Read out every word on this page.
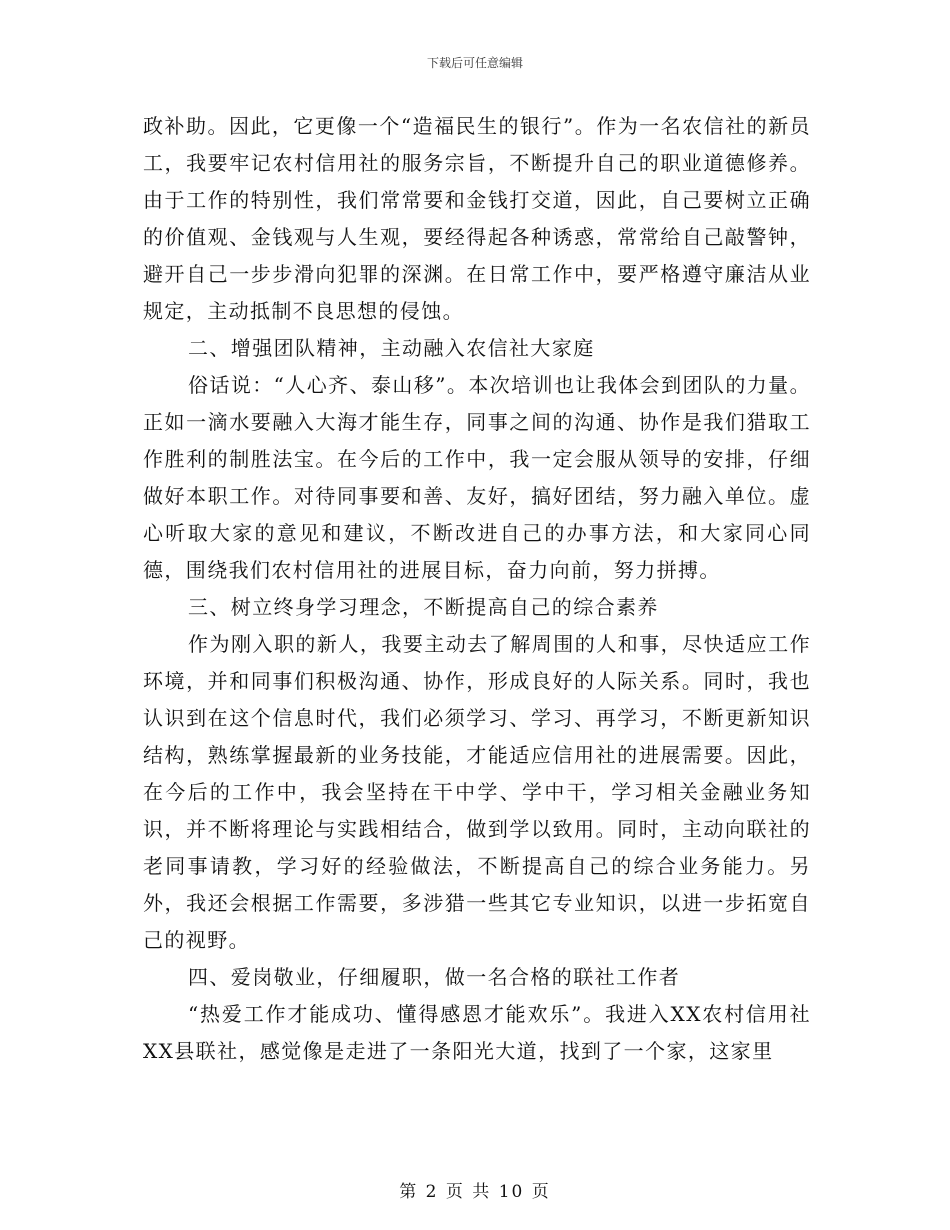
下载后可任意编辑

政补助。因此，它更像一个“造福民生的银行”。作为一名农信社的新员工，我要牢记农村信用社的服务宗旨，不断提升自己的职业道德修养。由于工作的特别性，我们常常要和金钱打交道，因此，自己要树立正确的价值观、金钱观与人生观，要经得起各种诱惑，常常给自己敲警钟，避开自己一步步滑向犯罪的深渊。在日常工作中，要严格遵守廉洁从业规定，主动抵制不良思想的侵蚀。

二、增强团队精神，主动融入农信社大家庭

俗话说：“人心齐、泰山移”。本次培训也让我体会到团队的力量。正如一滴水要融入大海才能生存，同事之间的沟通、协作是我们猎取工作胜利的制胜法宝。在今后的工作中，我一定会服从领导的安排，仔细做好本职工作。对待同事要和善、友好，搞好团结，努力融入单位。虚心听取大家的意见和建议，不断改进自己的办事方法，和大家同心同德，围绕我们农村信用社的进展目标，奋力向前，努力拼搏。

三、树立终身学习理念，不断提高自己的综合素养

作为刚入职的新人，我要主动去了解周围的人和事，尽快适应工作环境，并和同事们积极沟通、协作，形成良好的人际关系。同时，我也认识到在这个信息时代，我们必须学习、学习、再学习，不断更新知识结构，熟练掌握最新的业务技能，才能适应信用社的进展需要。因此，在今后的工作中，我会坚持在干中学、学中干，学习相关金融业务知识，并不断将理论与实践相结合，做到学以致用。同时，主动向联社的老同事请教，学习好的经验做法，不断提高自己的综合业务能力。另外，我还会根据工作需要，多涉猎一些其它专业知识，以进一步拓宽自己的视野。

四、爱岗敬业，仔细履职，做一名合格的联社工作者

“热爱工作才能成功、懂得感恩才能欢乐”。我进入XX农村信用社XX县联社，感觉像是走进了一条阳光大道，找到了一个家，这家里

第 2 页 共 10 页
